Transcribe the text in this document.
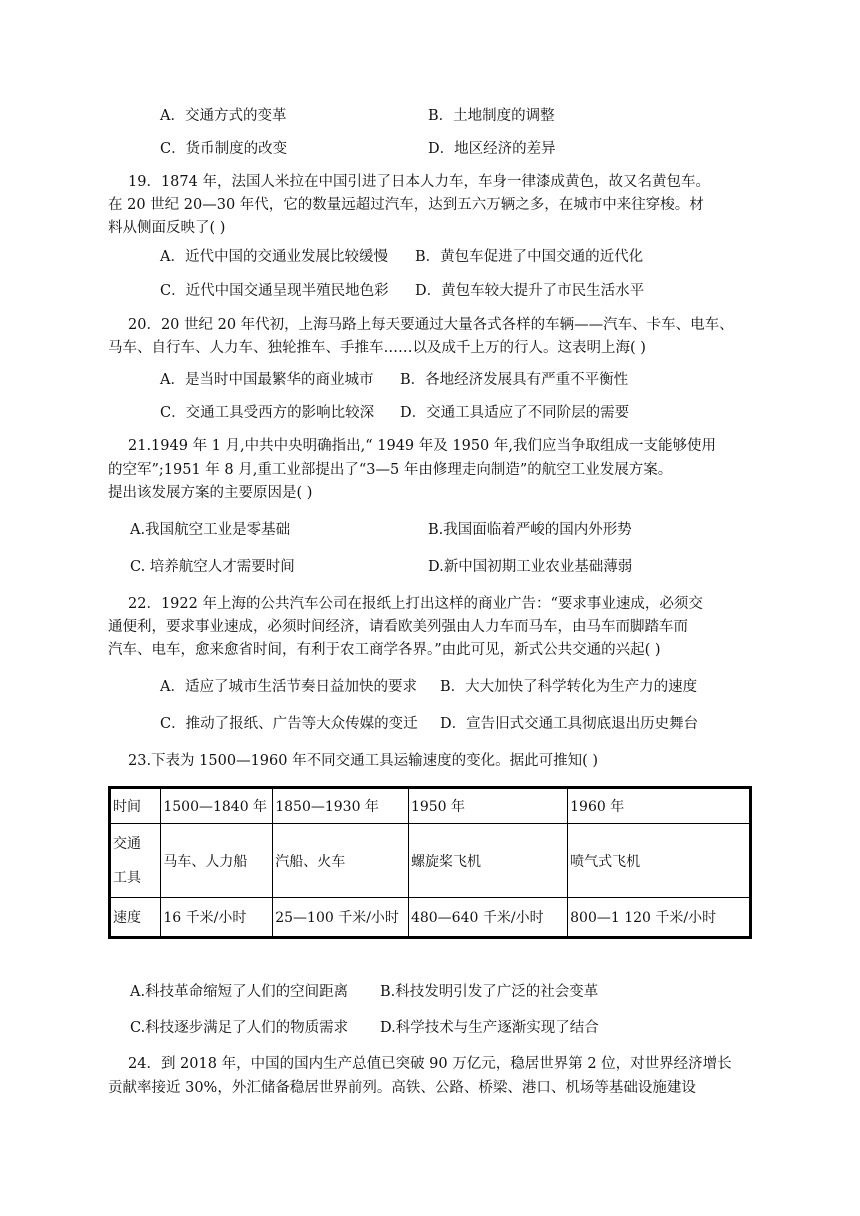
A．交通方式的变革	B．土地制度的调整
C．货币制度的改变	D．地区经济的差异
19．1874 年，法国人米拉在中国引进了日本人力车，车身一律漆成黄色，故又名黄包车。
在 20 世纪 20—30 年代，它的数量远超过汽车，达到五六万辆之多，在城市中来往穿梭。材
料从侧面反映了( )
A．近代中国的交通业发展比较缓慢 B．黄包车促进了中国交通的近代化
C．近代中国交通呈现半殖民地色彩 D．黄包车较大提升了市民生活水平
20．20 世纪 20 年代初，上海马路上每天要通过大量各式各样的车辆——汽车、卡车、电车、
马车、自行车、人力车、独轮推车、手推车……以及成千上万的行人。这表明上海( )
A．是当时中国最繁华的商业城市 B．各地经济发展具有严重不平衡性
C．交通工具受西方的影响比较深 D．交通工具适应了不同阶层的需要
21.1949 年 1 月,中共中央明确指出,“ 1949 年及 1950 年,我们应当争取组成一支能够使用
的空军”;1951 年 8 月,重工业部提出了“3—5 年由修理走向制造”的航空工业发展方案。
提出该发展方案的主要原因是( )
A.我国航空工业是零基础	B.我国面临着严峻的国内外形势
C. 培养航空人才需要时间	D.新中国初期工业农业基础薄弱
22．1922 年上海的公共汽车公司在报纸上打出这样的商业广告：“要求事业速成，必须交
通便利，要求事业速成，必须时间经济，请看欧美列强由人力车而马车，由马车而脚踏车而
汽车、电车，愈来愈省时间，有利于农工商学各界。”由此可见，新式公共交通的兴起( )
A．适应了城市生活节奏日益加快的要求 B．大大加快了科学转化为生产力的速度
C．推动了报纸、广告等大众传媒的变迁 D．宣告旧式交通工具彻底退出历史舞台
23.下表为 1500—1960 年不同交通工具运输速度的变化。据此可推知( )
时间	1500—1840 年	1850—1930 年	1950 年	1960 年

交通
工具	马车、人力船	汽船、火车	螺旋桨飞机	喷气式飞机
速度	16 千米/小时	25—100 千米/小时	480—640 千米/小时	800—1 120 千米/小时
A.科技革命缩短了人们的空间距离 B.科技发明引发了广泛的社会变革
C.科技逐步满足了人们的物质需求 D.科学技术与生产逐渐实现了结合
24．到 2018 年，中国的国内生产总值已突破 90 万亿元，稳居世界第 2 位，对世界经济增长
贡献率接近 30%，外汇储备稳居世界前列。高铁、公路、桥梁、港口、机场等基础设施建设
